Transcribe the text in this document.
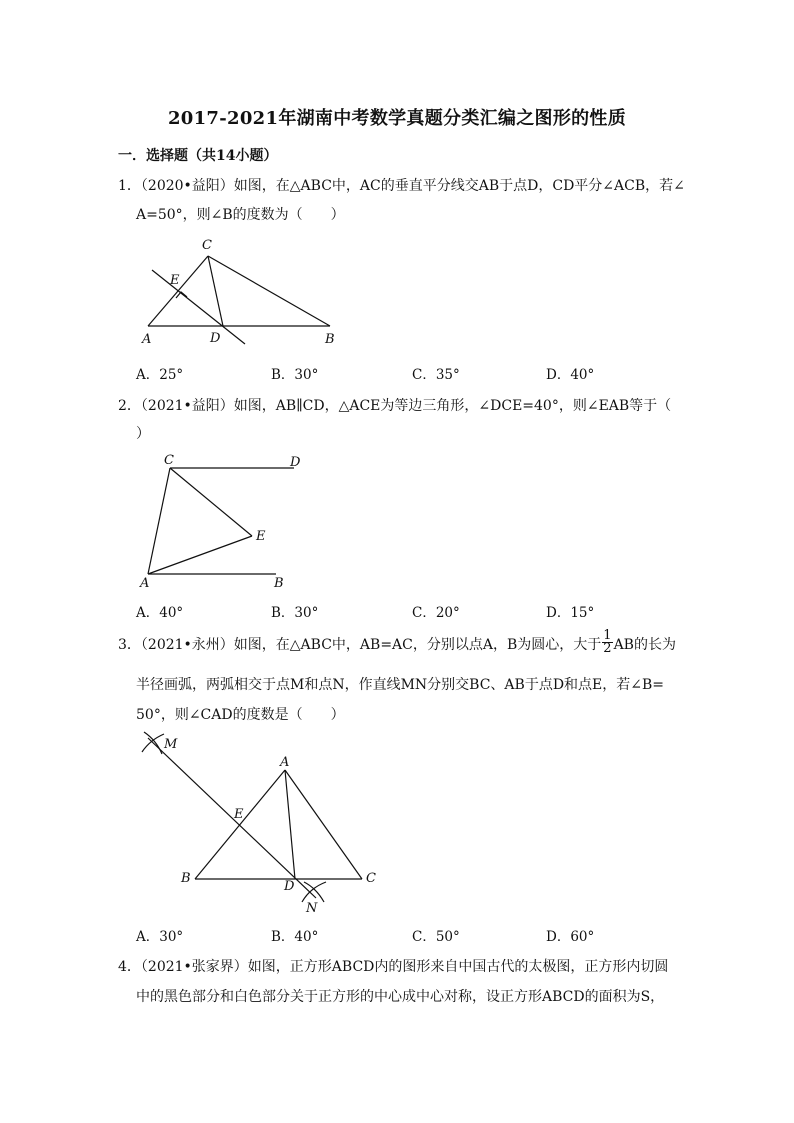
2017-2021年湖南中考数学真题分类汇编之图形的性质
一．选择题（共14小题）
1．（2020•益阳）如图，在△ABC中，AC的垂直平分线交AB于点D，CD平分∠ACB，若∠
A=50°，则∠B的度数为（　　）
C
E
A	D	B
A．25°	B．30°	C．35°	D．40°
2．（2021•益阳）如图，AB∥CD，△ACE为等边三角形，∠DCE=40°，则∠EAB等于（
）
C	D
E
A	B
A．40°	B．30°	C．20°	D．15°
3．（2021•永州）如图，在△ABC中，AB=AC，分别以点A，B为圆心，大于 $\frac{1}{2}$ AB的长为
半径画弧，两弧相交于点M和点N，作直线MN分别交BC、AB于点D和点E，若∠B=
50°，则∠CAD的度数是（　　）
M
A
E
B
D
C
N
A．30°	B．40°	C．50°	D．60°
4．（2021•张家界）如图，正方形ABCD内的图形来自中国古代的太极图，正方形内切圆
中的黑色部分和白色部分关于正方形的中心成中心对称，设正方形ABCD的面积为S，
